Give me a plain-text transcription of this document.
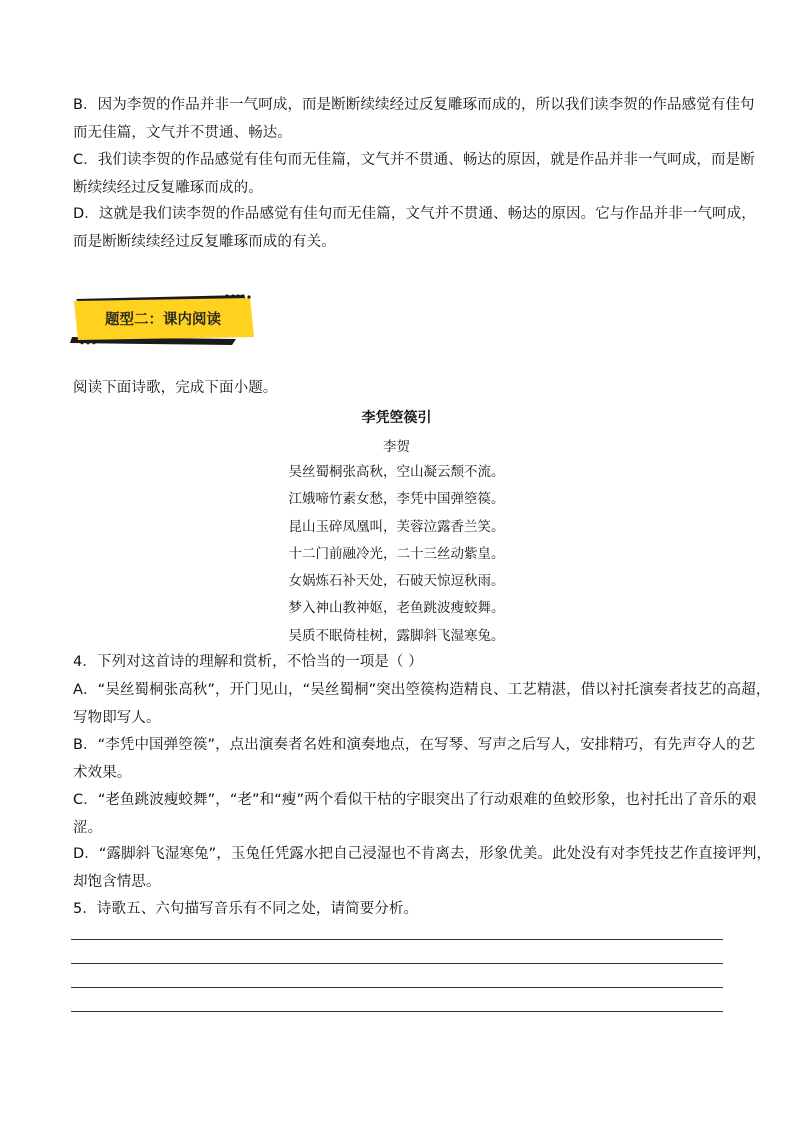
B．因为李贺的作品并非一气呵成，而是断断续续经过反复雕琢而成的，所以我们读李贺的作品感觉有佳句
而无佳篇，文气并不贯通、畅达。
C．我们读李贺的作品感觉有佳句而无佳篇，文气并不贯通、畅达的原因，就是作品并非一气呵成，而是断
断续续经过反复雕琢而成的。
D．这就是我们读李贺的作品感觉有佳句而无佳篇，文气并不贯通、畅达的原因。它与作品并非一气呵成，
而是断断续续经过反复雕琢而成的有关。
题型二：课内阅读
阅读下面诗歌，完成下面小题。
李凭箜篌引
李贺
吴丝蜀桐张高秋，空山凝云颓不流。
江娥啼竹素女愁，李凭中国弹箜篌。
昆山玉碎凤凰叫，芙蓉泣露香兰笑。
十二门前融冷光，二十三丝动紫皇。
女娲炼石补天处，石破天惊逗秋雨。
梦入神山教神妪，老鱼跳波瘦蛟舞。
吴质不眠倚桂树，露脚斜飞湿寒兔。
4．下列对这首诗的理解和赏析，不恰当的一项是（ ）
A．“吴丝蜀桐张高秋”，开门见山，“吴丝蜀桐”突出箜篌构造精良、工艺精湛，借以衬托演奏者技艺的高超，
写物即写人。
B．“李凭中国弹箜篌”，点出演奏者名姓和演奏地点，在写琴、写声之后写人，安排精巧，有先声夺人的艺
术效果。
C．“老鱼跳波瘦蛟舞”，“老”和“瘦”两个看似干枯的字眼突出了行动艰难的鱼蛟形象，也衬托出了音乐的艰
涩。
D．“露脚斜飞湿寒兔”，玉兔任凭露水把自己浸湿也不肯离去，形象优美。此处没有对李凭技艺作直接评判，
却饱含情思。
5．诗歌五、六句描写音乐有不同之处，请简要分析。
